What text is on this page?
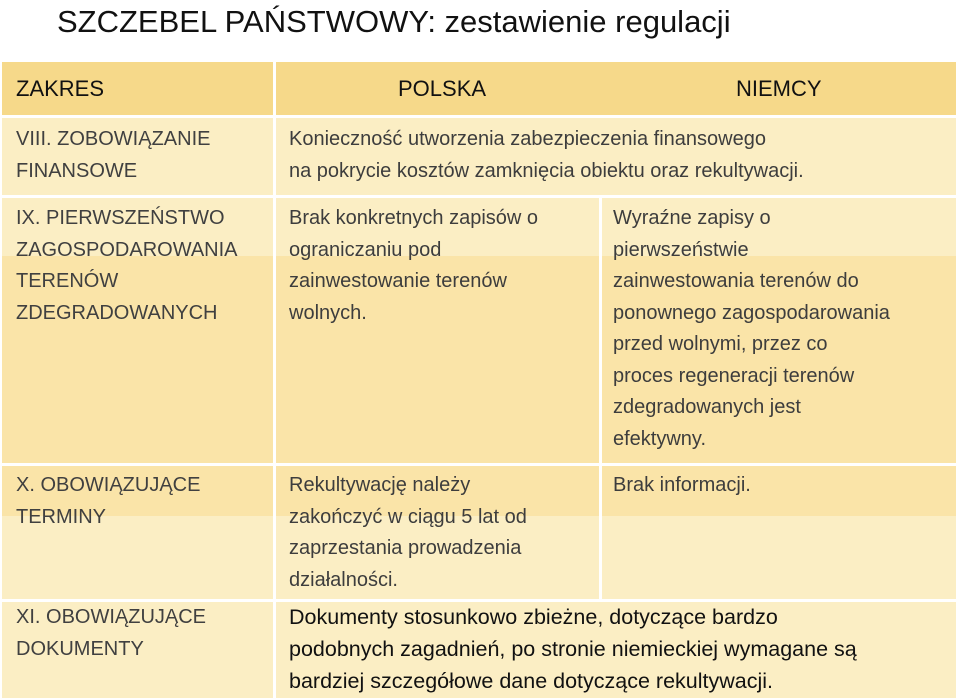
SZCZEBEL PAŃSTWOWY: zestawienie regulacji
ZAKRES	POLSKA	NIEMCY
VIII. ZOBOWIĄZANIE
FINANSOWE
Konieczność utworzenia zabezpieczenia finansowego
na pokrycie kosztów zamknięcia obiektu oraz rekultywacji.
IX. PIERWSZEŃSTWO
ZAGOSPODAROWANIA
TERENÓW
ZDEGRADOWANYCH
Brak konkretnych zapisów o
ograniczaniu pod
zainwestowanie terenów
wolnych.
Wyraźne zapisy o
pierwszeństwie
zainwestowania terenów do
ponownego zagospodarowania
przed wolnymi, przez co
proces regeneracji terenów
zdegradowanych jest
efektywny.
X. OBOWIĄZUJĄCE
TERMINY
Rekultywację należy
zakończyć w ciągu 5 lat od
zaprzestania prowadzenia
działalności.
Brak informacji.
XI. OBOWIĄZUJĄCE
DOKUMENTY
Dokumenty stosunkowo zbieżne, dotyczące bardzo
podobnych zagadnień, po stronie niemieckiej wymagane są
bardziej szczegółowe dane dotyczące rekultywacji.
